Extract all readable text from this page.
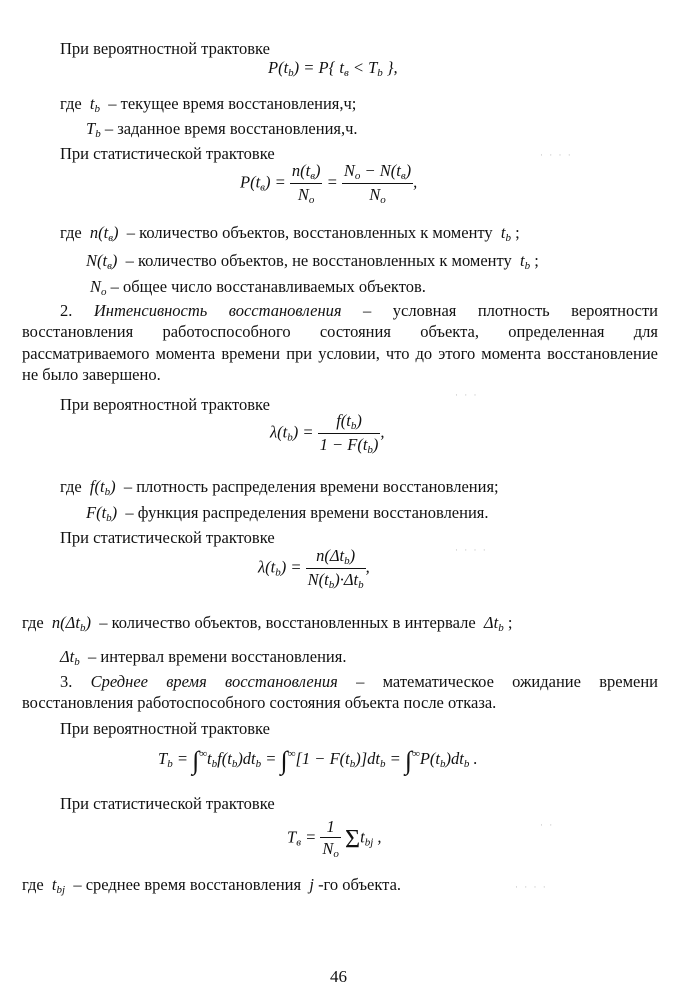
При вероятностной трактовке
$P(t_b) = P${ $t_в < T_b$ },
где  $t_b$ – текущее время восстановления,ч;
$T_b$ – заданное время восстановления,ч.
При статистической трактовке
$P(t_в) = \frac{n(t_в)}{N_o} = \frac{N_o - N(t_в)}{N_o}$ ,
где  $n(t_в)$  – количество объектов, восстановленных к моменту  $t_b$ ;
$N(t_в)$  – количество объектов, не восстановленных к моменту  $t_b$ ;
$N_o$ – общее число восстанавливаемых объектов.
2. Интенсивность восстановления – условная плотность вероятности восстановления работоспособного состояния объекта, определенная для рассматриваемого момента времени при условии, что до этого момента восстановление не было завершено.
При вероятностной трактовке
$\lambda(t_b) = \frac{f(t_b)}{1 - F(t_b)}$ ,
где  $f(t_b)$  – плотность распределения времени восстановления;
$F(t_b)$  – функция распределения времени восстановления.
При статистической трактовке
$\lambda(t_b) = \frac{n(\Delta t_b)}{N(t_b)\cdot\Delta t_b}$ ,
где  $n(\Delta t_b)$  – количество объектов, восстановленных в интервале  $\Delta t_b$ ;
$\Delta t_b$ – интервал времени восстановления.
3. Среднее время восстановления – математическое ожидание времени восстановления работоспособного состояния объекта после отказа.
При вероятностной трактовке
$T_b = \int^\infty t_bf(t_b)dt_b = \int^\infty[1 - F(t_b)]dt_b = \int^\infty P(t_b)dt_b$ .
При статистической трактовке
$T_в = \frac{1}{N_o} \Sigma t_{bj}$ ,
где  $t_{bj}$ – среднее время восстановления  j -го объекта.
· · · ·
· · ·
· · · ·
· ·
· · · ·
46
